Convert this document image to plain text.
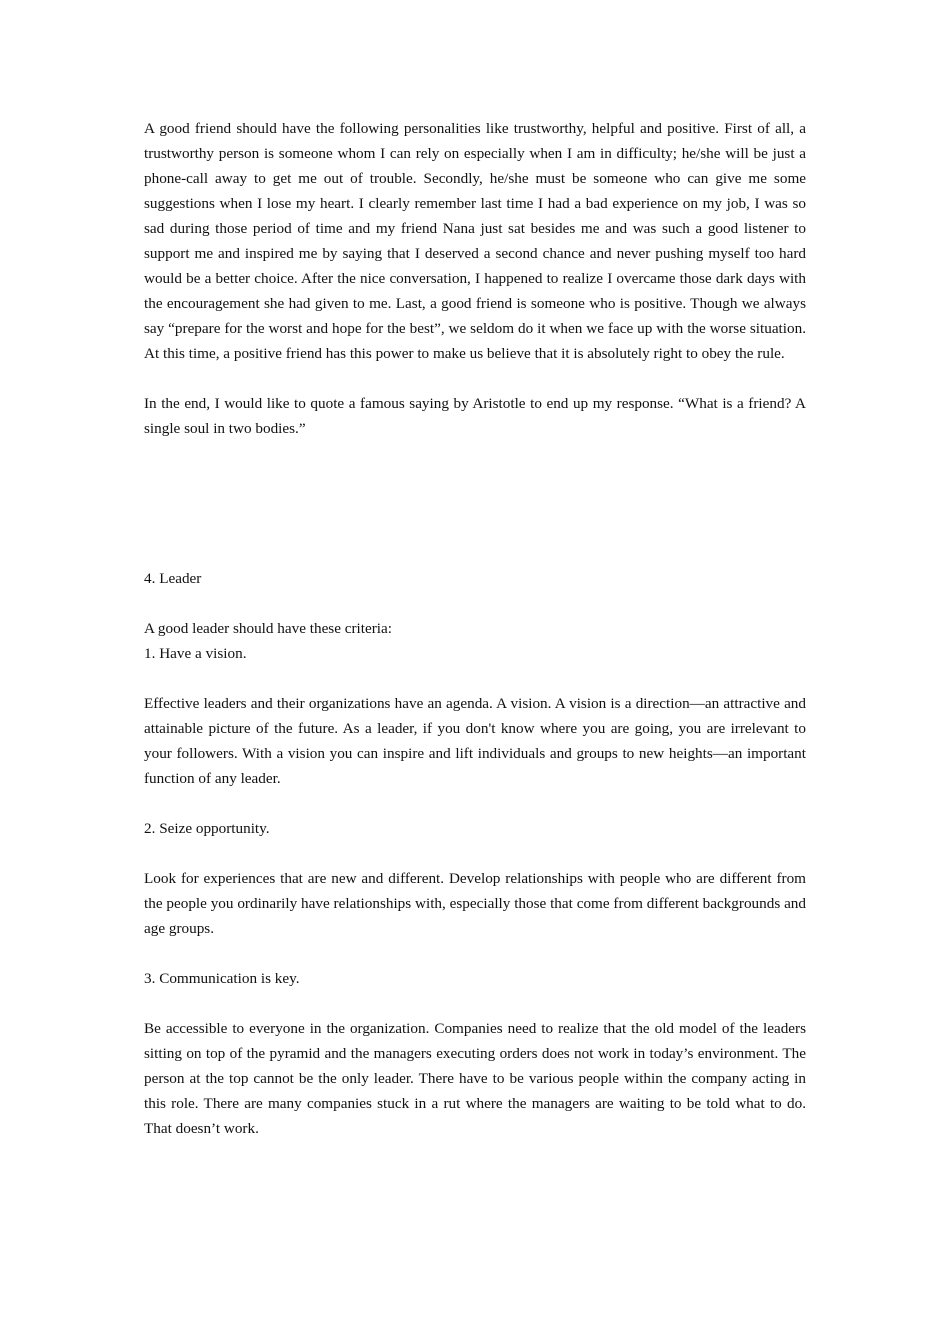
A good friend should have the following personalities like trustworthy, helpful and positive. First of all, a trustworthy person is someone whom I can rely on especially when I am in difficulty; he/she will be just a phone-call away to get me out of trouble. Secondly, he/she must be someone who can give me some suggestions when I lose my heart. I clearly remember last time I had a bad experience on my job, I was so sad during those period of time and my friend Nana just sat besides me and was such a good listener to support me and inspired me by saying that I deserved a second chance and never pushing myself too hard would be a better choice. After the nice conversation, I happened to realize I overcame those dark days with the encouragement she had given to me. Last, a good friend is someone who is positive. Though we always say “prepare for the worst and hope for the best”, we seldom do it when we face up with the worse situation. At this time, a positive friend has this power to make us believe that it is absolutely right to obey the rule.

In the end, I would like to quote a famous saying by Aristotle to end up my response. “What is a friend? A single soul in two bodies.”

4. Leader

A good leader should have these criteria:

1. Have a vision.

Effective leaders and their organizations have an agenda. A vision. A vision is a direction—an attractive and attainable picture of the future. As a leader, if you don't know where you are going, you are irrelevant to your followers. With a vision you can inspire and lift individuals and groups to new heights—an important function of any leader.

2. Seize opportunity.

Look for experiences that are new and different. Develop relationships with people who are different from the people you ordinarily have relationships with, especially those that come from different backgrounds and age groups.

3. Communication is key.

Be accessible to everyone in the organization. Companies need to realize that the old model of the leaders sitting on top of the pyramid and the managers executing orders does not work in today’s environment. The person at the top cannot be the only leader. There have to be various people within the company acting in this role. There are many companies stuck in a rut where the managers are waiting to be told what to do. That doesn’t work.
